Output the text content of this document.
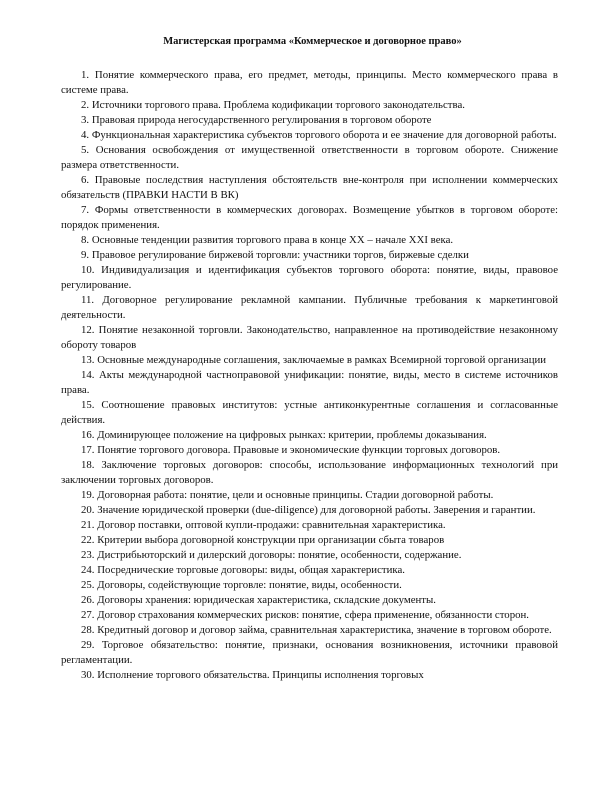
Магистерская программа «Коммерческое и договорное право»

1. Понятие коммерческого права, его предмет, методы, принципы. Место коммерческого права в системе права.

2. Источники торгового права. Проблема кодификации торгового законодательства.

3. Правовая природа негосударственного регулирования в торговом обороте

4. Функциональная характеристика субъектов торгового оборота и ее значение для договорной работы.

5. Основания освобождения от имущественной ответственности в торговом обороте. Снижение размера ответственности.

6. Правовые последствия наступления обстоятельств вне-контроля при исполнении коммерческих обязательств (ПРАВКИ НАСТИ В ВК)

7. Формы ответственности в коммерческих договорах. Возмещение убытков в торговом обороте: порядок применения.

8. Основные тенденции развития торгового права в конце XX – начале XXI века.

9. Правовое регулирование биржевой торговли: участники торгов, биржевые сделки

10. Индивидуализация и идентификация субъектов торгового оборота: понятие, виды, правовое регулирование.

11. Договорное регулирование рекламной кампании. Публичные требования к маркетинговой деятельности.

12. Понятие незаконной торговли. Законодательство, направленное на противодействие незаконному обороту товаров

13. Основные международные соглашения, заключаемые в рамках Всемирной торговой организации

14. Акты международной частноправовой унификации: понятие, виды, место в системе источников права.

15. Соотношение правовых институтов: устные антиконкурентные соглашения и согласованные действия.

16. Доминирующее положение на цифровых рынках: критерии, проблемы доказывания.

17. Понятие торгового договора. Правовые и экономические функции торговых договоров.

18. Заключение торговых договоров: способы, использование информационных технологий при заключении торговых договоров.

19. Договорная работа: понятие, цели и основные принципы. Стадии договорной работы.

20. Значение юридической проверки (due-diligence) для договорной работы. Заверения и гарантии.

21. Договор поставки, оптовой купли-продажи: сравнительная характеристика.

22. Критерии выбора договорной конструкции при организации сбыта товаров

23. Дистрибьюторский и дилерский договоры: понятие, особенности, содержание.

24. Посреднические торговые договоры: виды, общая характеристика.

25. Договоры, содействующие торговле: понятие, виды, особенности.

26. Договоры хранения: юридическая характеристика, складские документы.

27. Договор страхования коммерческих рисков: понятие, сфера применение, обязанности сторон.

28. Кредитный договор и договор займа, сравнительная характеристика, значение в торговом обороте.

29. Торговое обязательство: понятие, признаки, основания возникновения, источники правовой регламентации.

30. Исполнение торгового обязательства. Принципы исполнения торговых
